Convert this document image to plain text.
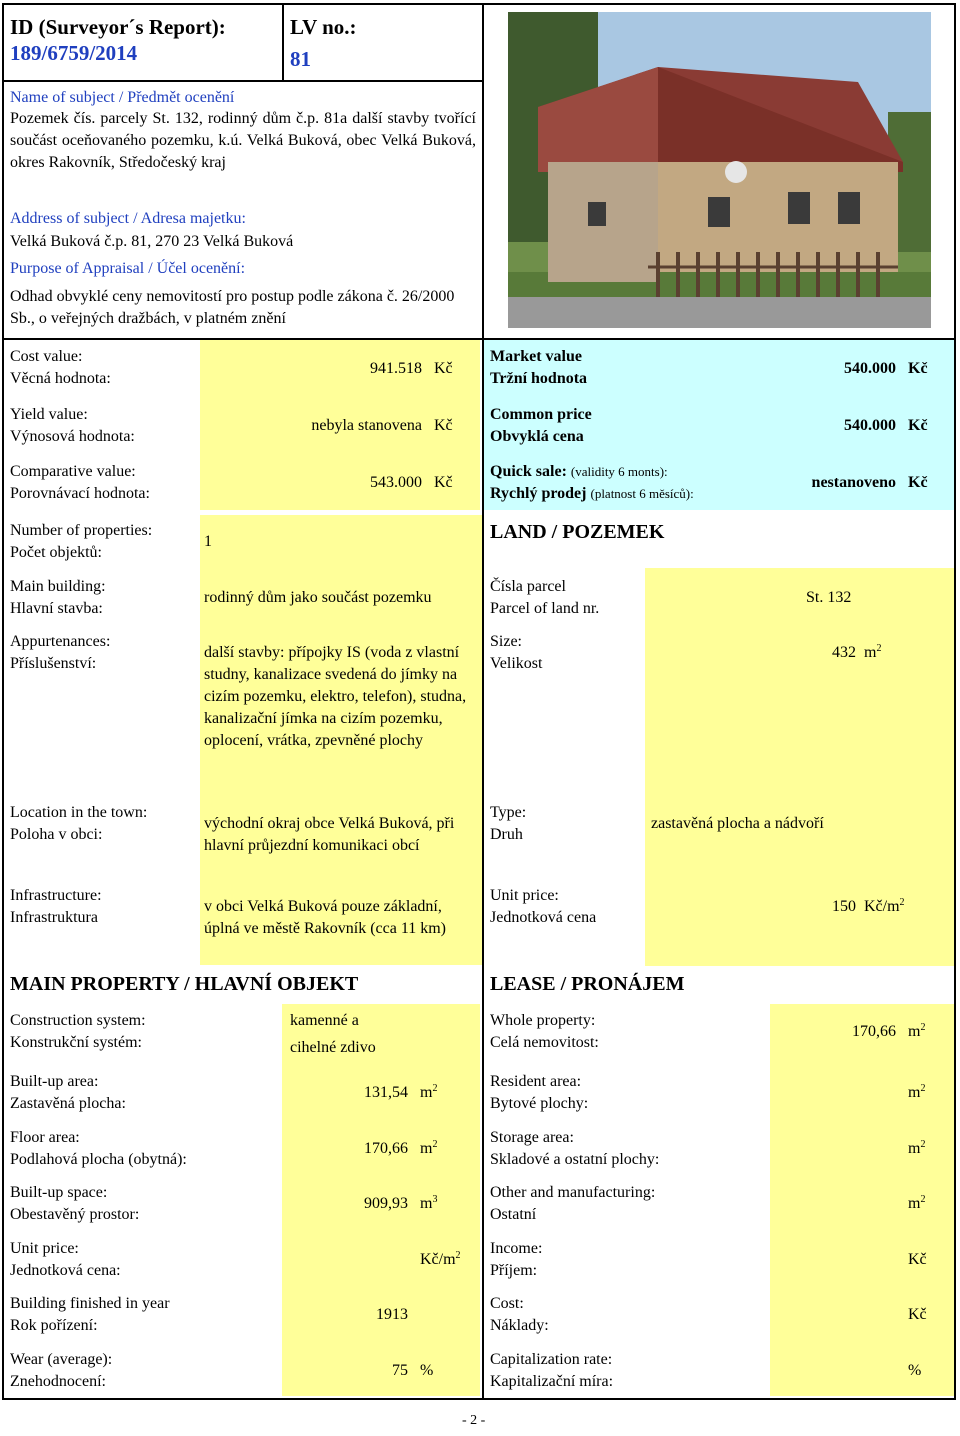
ID (Surveyor´s Report):
189/6759/2014
LV no.:
81
Name of subject / Předmět ocenění
Pozemek čís. parcely St. 132, rodinný dům č.p. 81a další stavby tvořící součást oceňovaného pozemku, k.ú. Velká Buková, obec Velká Buková, okres Rakovník, Středočeský kraj
Address of subject / Adresa majetku:
Velká Buková č.p. 81, 270 23 Velká Buková
Purpose of Appraisal / Účel ocenění:
Odhad obvyklé ceny nemovitostí pro postup podle zákona č. 26/2000 Sb., o veřejných dražbách, v platném znění
Cost value:
Věcná hodnota:
941.518 Kč
Yield value:
Výnosová hodnota:
nebyla stanovena Kč
Comparative value:
Porovnávací hodnota:
543.000 Kč
Market value
Tržní hodnota
540.000 Kč
Common price
Obvyklá cena
540.000 Kč
Quick sale: (validity 6 monts):
Rychlý prodej (platnost 6 měsíců):
nestanoveno Kč
Number of properties:
Počet objektů:
1
Main building:
Hlavní stavba:
rodinný dům jako součást pozemku
Appurtenances:
Příslušenství:
další stavby: přípojky IS (voda z vlastní studny, kanalizace svedená do jímky na cizím pozemku, elektro, telefon), studna, kanalizační jímka na cizím pozemku, oplocení, vrátka, zpevněné plochy
Location in the town:
Poloha v obci:
východní okraj obce Velká Buková, při hlavní průjezdní komunikaci obcí
Infrastructure:
Infrastruktura
v obci Velká Buková pouze základní, úplná ve městě Rakovník (cca 11 km)
LAND / POZEMEK
Čísla parcel
Parcel of land nr.
St. 132
Size:
Velikost
432 $m^2$
Type:
Druh
zastavěná plocha a nádvoří
Unit price:
Jednotková cena
150 $Kč/m^2$
MAIN PROPERTY / HLAVNÍ OBJEKT
Construction system:
Konstrukční systém:
kamenné a
cihelné zdivo
Built-up area:
Zastavěná plocha:
131,54 $m^2$
Floor area:
Podlahová plocha (obytná):
170,66 $m^2$
Built-up space:
Obestavěný prostor:
909,93 $m^3$
Unit price:
Jednotková cena:
$Kč/m^2$
Building finished in year
Rok pořízení:
1913
Wear (average):
Znehodnocení:
75 %
LEASE / PRONÁJEM
Whole property:
Celá nemovitost:
170,66 $m^2$
Resident area:
Bytové plochy:
$m^2$
Storage area:
Skladové a ostatní plochy:
$m^2$
Other and manufacturing:
Ostatní
$m^2$
Income:
Příjem:
Kč
Cost:
Náklady:
Kč
Capitalization rate:
Kapitalizační míra:
%
- 2 -
